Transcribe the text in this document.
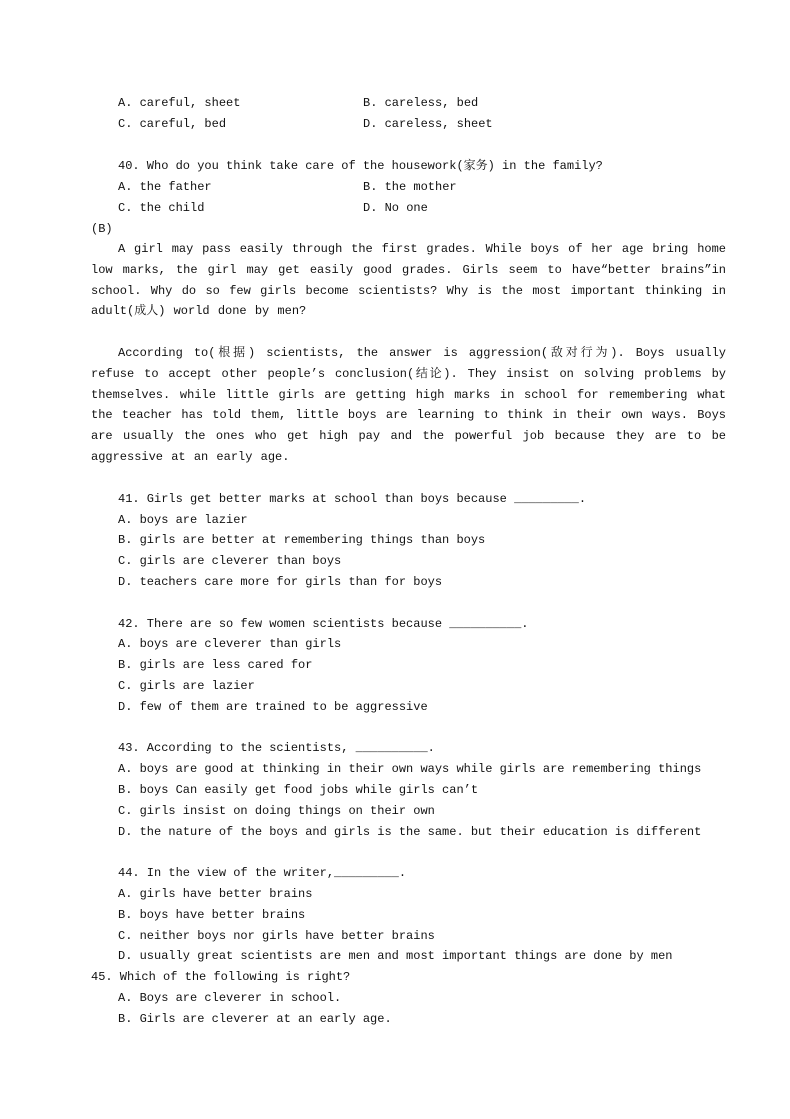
A. careful, sheet	B. careless, bed
C. careful, bed	D. careless, sheet
40. Who do you think take care of the housework(家务) in the family?
A. the father	B. the mother
C. the child	D. No one
(B)
A girl may pass easily through the first grades. While boys of her age bring home low marks, the girl may get easily good grades. Girls seem to have“better brains”in school. Why do so few girls become scientists? Why is the most important thinking in adult(成人) world done by men?
According to(根据) scientists, the answer is aggression(敌对行为). Boys usually refuse to accept other people’s conclusion(结论). They insist on solving problems by themselves. while little girls are getting high marks in school for remembering what the teacher has told them, little boys are learning to think in their own ways. Boys are usually the ones who get high pay and the powerful job because they are to be aggressive at an early age.
41. Girls get better marks at school than boys because _________.
A. boys are lazier
B. girls are better at remembering things than boys
C. girls are cleverer than boys
D. teachers care more for girls than for boys
42. There are so few women scientists because __________.
A. boys are cleverer than girls
B. girls are less cared for
C. girls are lazier
D. few of them are trained to be aggressive
43. According to the scientists, __________.
A. boys are good at thinking in their own ways while girls are remembering things
B. boys Can easily get food jobs while girls can’t
C. girls insist on doing things on their own
D. the nature of the boys and girls is the same. but their education is different
44. In the view of the writer,_________.
A. girls have better brains
B. boys have better brains
C. neither boys nor girls have better brains
D. usually great scientists are men and most important things are done by men
45. Which of the following is right?
A. Boys are cleverer in school.
B. Girls are cleverer at an early age.
